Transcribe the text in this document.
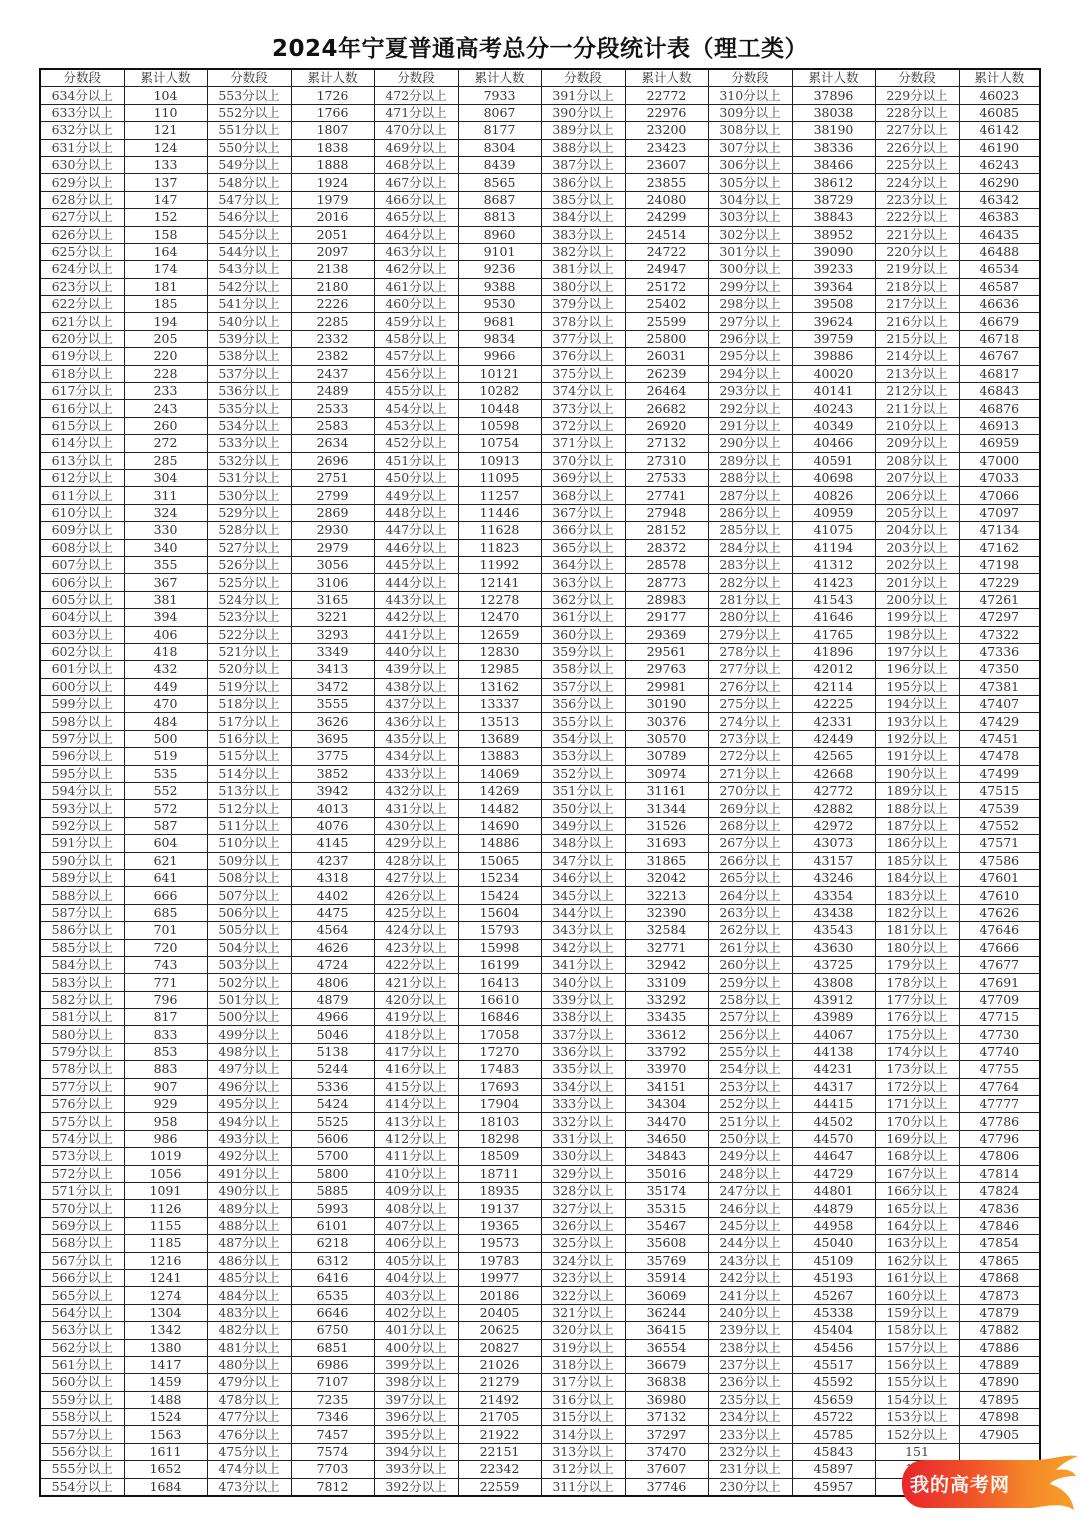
2024年宁夏普通高考总分一分段统计表（理工类）
分数段	累计人数	分数段	累计人数	分数段	累计人数	分数段	累计人数	分数段	累计人数	分数段	累计人数
634分以上	104	553分以上	1726	472分以上	7933	391分以上	22772	310分以上	37896	229分以上	46023
633分以上	110	552分以上	1766	471分以上	8067	390分以上	22976	309分以上	38038	228分以上	46085
632分以上	121	551分以上	1807	470分以上	8177	389分以上	23200	308分以上	38190	227分以上	46142
631分以上	124	550分以上	1838	469分以上	8304	388分以上	23423	307分以上	38336	226分以上	46190
630分以上	133	549分以上	1888	468分以上	8439	387分以上	23607	306分以上	38466	225分以上	46243
629分以上	137	548分以上	1924	467分以上	8565	386分以上	23855	305分以上	38612	224分以上	46290
628分以上	147	547分以上	1979	466分以上	8687	385分以上	24080	304分以上	38729	223分以上	46342
627分以上	152	546分以上	2016	465分以上	8813	384分以上	24299	303分以上	38843	222分以上	46383
626分以上	158	545分以上	2051	464分以上	8960	383分以上	24514	302分以上	38952	221分以上	46435
625分以上	164	544分以上	2097	463分以上	9101	382分以上	24722	301分以上	39090	220分以上	46488
624分以上	174	543分以上	2138	462分以上	9236	381分以上	24947	300分以上	39233	219分以上	46534
623分以上	181	542分以上	2180	461分以上	9388	380分以上	25172	299分以上	39364	218分以上	46587
622分以上	185	541分以上	2226	460分以上	9530	379分以上	25402	298分以上	39508	217分以上	46636
621分以上	194	540分以上	2285	459分以上	9681	378分以上	25599	297分以上	39624	216分以上	46679
620分以上	205	539分以上	2332	458分以上	9834	377分以上	25800	296分以上	39759	215分以上	46718
619分以上	220	538分以上	2382	457分以上	9966	376分以上	26031	295分以上	39886	214分以上	46767
618分以上	228	537分以上	2437	456分以上	10121	375分以上	26239	294分以上	40020	213分以上	46817
617分以上	233	536分以上	2489	455分以上	10282	374分以上	26464	293分以上	40141	212分以上	46843
616分以上	243	535分以上	2533	454分以上	10448	373分以上	26682	292分以上	40243	211分以上	46876
615分以上	260	534分以上	2583	453分以上	10598	372分以上	26920	291分以上	40349	210分以上	46913
614分以上	272	533分以上	2634	452分以上	10754	371分以上	27132	290分以上	40466	209分以上	46959
613分以上	285	532分以上	2696	451分以上	10913	370分以上	27310	289分以上	40591	208分以上	47000
612分以上	304	531分以上	2751	450分以上	11095	369分以上	27533	288分以上	40698	207分以上	47033
611分以上	311	530分以上	2799	449分以上	11257	368分以上	27741	287分以上	40826	206分以上	47066
610分以上	324	529分以上	2869	448分以上	11446	367分以上	27948	286分以上	40959	205分以上	47097
609分以上	330	528分以上	2930	447分以上	11628	366分以上	28152	285分以上	41075	204分以上	47134
608分以上	340	527分以上	2979	446分以上	11823	365分以上	28372	284分以上	41194	203分以上	47162
607分以上	355	526分以上	3056	445分以上	11992	364分以上	28578	283分以上	41312	202分以上	47198
606分以上	367	525分以上	3106	444分以上	12141	363分以上	28773	282分以上	41423	201分以上	47229
605分以上	381	524分以上	3165	443分以上	12278	362分以上	28983	281分以上	41543	200分以上	47261
604分以上	394	523分以上	3221	442分以上	12470	361分以上	29177	280分以上	41646	199分以上	47297
603分以上	406	522分以上	3293	441分以上	12659	360分以上	29369	279分以上	41765	198分以上	47322
602分以上	418	521分以上	3349	440分以上	12830	359分以上	29561	278分以上	41896	197分以上	47336
601分以上	432	520分以上	3413	439分以上	12985	358分以上	29763	277分以上	42012	196分以上	47350
600分以上	449	519分以上	3472	438分以上	13162	357分以上	29981	276分以上	42114	195分以上	47381
599分以上	470	518分以上	3555	437分以上	13337	356分以上	30190	275分以上	42225	194分以上	47407
598分以上	484	517分以上	3626	436分以上	13513	355分以上	30376	274分以上	42331	193分以上	47429
597分以上	500	516分以上	3695	435分以上	13689	354分以上	30570	273分以上	42449	192分以上	47451
596分以上	519	515分以上	3775	434分以上	13883	353分以上	30789	272分以上	42565	191分以上	47478
595分以上	535	514分以上	3852	433分以上	14069	352分以上	30974	271分以上	42668	190分以上	47499
594分以上	552	513分以上	3942	432分以上	14269	351分以上	31161	270分以上	42772	189分以上	47515
593分以上	572	512分以上	4013	431分以上	14482	350分以上	31344	269分以上	42882	188分以上	47539
592分以上	587	511分以上	4076	430分以上	14690	349分以上	31526	268分以上	42972	187分以上	47552
591分以上	604	510分以上	4145	429分以上	14886	348分以上	31693	267分以上	43073	186分以上	47571
590分以上	621	509分以上	4237	428分以上	15065	347分以上	31865	266分以上	43157	185分以上	47586
589分以上	641	508分以上	4318	427分以上	15234	346分以上	32042	265分以上	43246	184分以上	47601
588分以上	666	507分以上	4402	426分以上	15424	345分以上	32213	264分以上	43354	183分以上	47610
587分以上	685	506分以上	4475	425分以上	15604	344分以上	32390	263分以上	43438	182分以上	47626
586分以上	701	505分以上	4564	424分以上	15793	343分以上	32584	262分以上	43543	181分以上	47646
585分以上	720	504分以上	4626	423分以上	15998	342分以上	32771	261分以上	43630	180分以上	47666
584分以上	743	503分以上	4724	422分以上	16199	341分以上	32942	260分以上	43725	179分以上	47677
583分以上	771	502分以上	4806	421分以上	16413	340分以上	33109	259分以上	43808	178分以上	47691
582分以上	796	501分以上	4879	420分以上	16610	339分以上	33292	258分以上	43912	177分以上	47709
581分以上	817	500分以上	4966	419分以上	16846	338分以上	33435	257分以上	43989	176分以上	47715
580分以上	833	499分以上	5046	418分以上	17058	337分以上	33612	256分以上	44067	175分以上	47730
579分以上	853	498分以上	5138	417分以上	17270	336分以上	33792	255分以上	44138	174分以上	47740
578分以上	883	497分以上	5244	416分以上	17483	335分以上	33970	254分以上	44231	173分以上	47755
577分以上	907	496分以上	5336	415分以上	17693	334分以上	34151	253分以上	44317	172分以上	47764
576分以上	929	495分以上	5424	414分以上	17904	333分以上	34304	252分以上	44415	171分以上	47777
575分以上	958	494分以上	5525	413分以上	18103	332分以上	34470	251分以上	44502	170分以上	47786
574分以上	986	493分以上	5606	412分以上	18298	331分以上	34650	250分以上	44570	169分以上	47796
573分以上	1019	492分以上	5700	411分以上	18509	330分以上	34843	249分以上	44647	168分以上	47806
572分以上	1056	491分以上	5800	410分以上	18711	329分以上	35016	248分以上	44729	167分以上	47814
571分以上	1091	490分以上	5885	409分以上	18935	328分以上	35174	247分以上	44801	166分以上	47824
570分以上	1126	489分以上	5993	408分以上	19137	327分以上	35315	246分以上	44879	165分以上	47836
569分以上	1155	488分以上	6101	407分以上	19365	326分以上	35467	245分以上	44958	164分以上	47846
568分以上	1185	487分以上	6218	406分以上	19573	325分以上	35608	244分以上	45040	163分以上	47854
567分以上	1216	486分以上	6312	405分以上	19783	324分以上	35769	243分以上	45109	162分以上	47865
566分以上	1241	485分以上	6416	404分以上	19977	323分以上	35914	242分以上	45193	161分以上	47868
565分以上	1274	484分以上	6535	403分以上	20186	322分以上	36069	241分以上	45267	160分以上	47873
564分以上	1304	483分以上	6646	402分以上	20405	321分以上	36244	240分以上	45338	159分以上	47879
563分以上	1342	482分以上	6750	401分以上	20625	320分以上	36415	239分以上	45404	158分以上	47882
562分以上	1380	481分以上	6851	400分以上	20827	319分以上	36554	238分以上	45456	157分以上	47886
561分以上	1417	480分以上	6986	399分以上	21026	318分以上	36679	237分以上	45517	156分以上	47889
560分以上	1459	479分以上	7107	398分以上	21279	317分以上	36838	236分以上	45592	155分以上	47890
559分以上	1488	478分以上	7235	397分以上	21492	316分以上	36980	235分以上	45659	154分以上	47895
558分以上	1524	477分以上	7346	396分以上	21705	315分以上	37132	234分以上	45722	153分以上	47898
557分以上	1563	476分以上	7457	395分以上	21922	314分以上	37297	233分以上	45785	152分以上	47905
556分以上	1611	475分以上	7574	394分以上	22151	313分以上	37470	232分以上	45843	151	
555分以上	1652	474分以上	7703	393分以上	22342	312分以上	37607	231分以上	45897		
554分以上	1684	473分以上	7812	392分以上	22559	311分以上	37746	230分以上	45957			我的高考网
